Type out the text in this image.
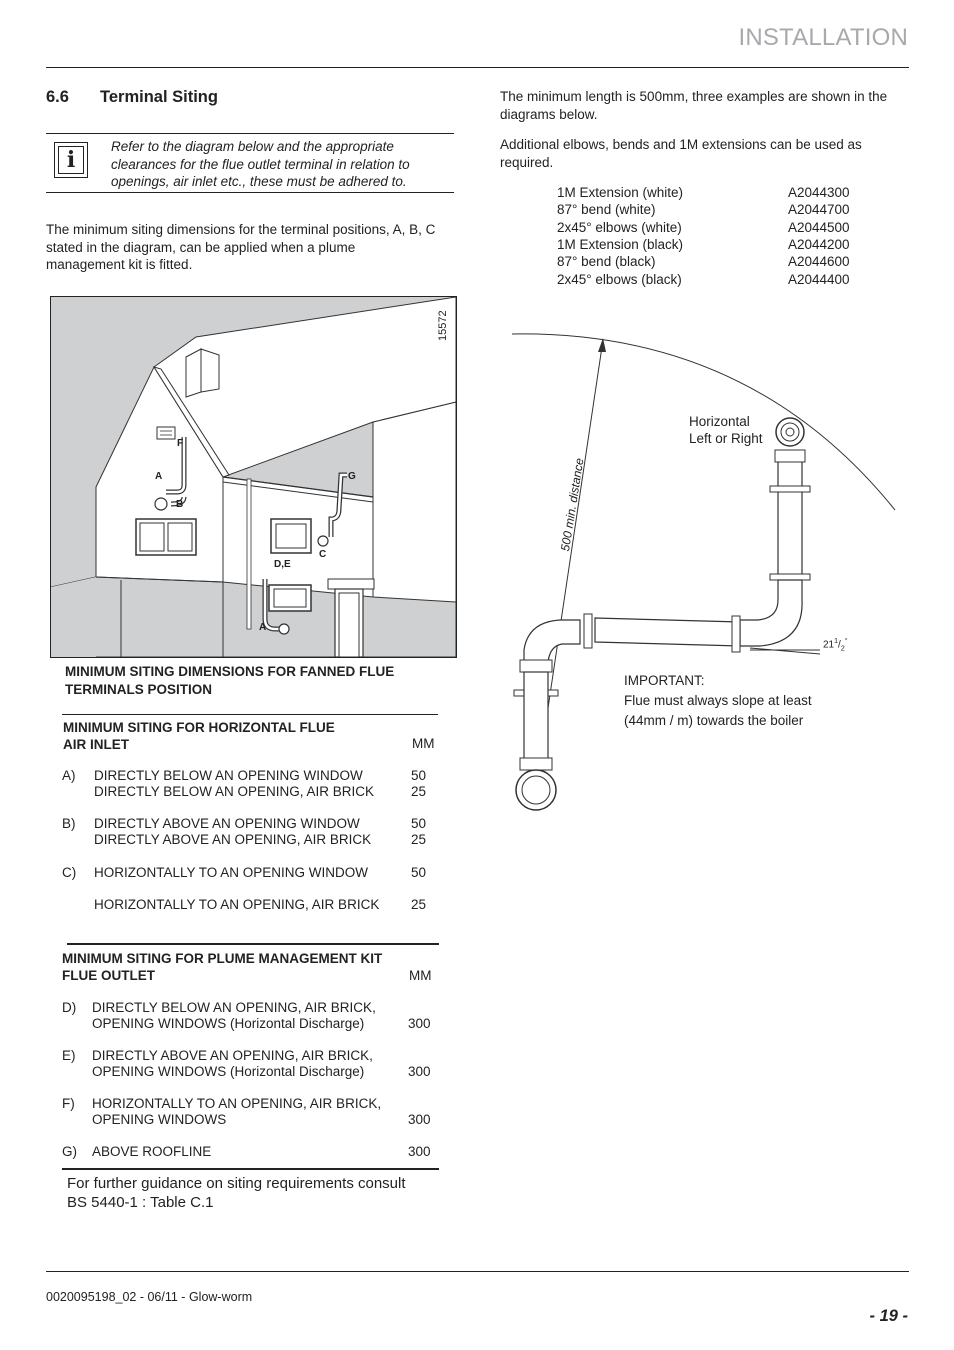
INSTALLATION
6.6 Terminal Siting
i
Refer to the diagram below and the appropriate clearances for the flue outlet terminal in relation to openings, air inlet etc., these must be adhered to.
The minimum siting dimensions for the terminal positions, A, B, C stated in the diagram, can be applied when a plume management kit is fitted.
15572
F
A
B
G
C
D,E
A
MINIMUM SITING DIMENSIONS FOR FANNED FLUE TERMINALS POSITION
MINIMUM SITING FOR HORIZONTAL FLUE
AIR INLET	MM
A) DIRECTLY BELOW AN OPENING WINDOW	50
DIRECTLY BELOW AN OPENING, AIR BRICK	25
B) DIRECTLY ABOVE AN OPENING WINDOW	50
DIRECTLY ABOVE AN OPENING, AIR BRICK	25
C) HORIZONTALLY TO AN OPENING WINDOW	50
HORIZONTALLY TO AN OPENING, AIR BRICK 25
MINIMUM SITING FOR PLUME MANAGEMENT KIT
FLUE OUTLET	MM
D) DIRECTLY BELOW AN OPENING, AIR BRICK,
OPENING WINDOWS (Horizontal Discharge)	300
E) DIRECTLY ABOVE AN OPENING, AIR BRICK,
OPENING WINDOWS (Horizontal Discharge)	300
F) HORIZONTALLY TO AN OPENING, AIR BRICK,
OPENING WINDOWS	300
G) ABOVE ROOFLINE	300
For further guidance on siting requirements consult
BS 5440-1 : Table C.1
The minimum length is 500mm, three examples are shown in the diagrams below.
Additional elbows, bends and 1M extensions can be used as required.
1M Extension (white)	A2044300
87° bend (white)	A2044700
2x45° elbows (white)	A2044500
1M Extension (black)	A2044200
87° bend (black)	A2044600
2x45° elbows (black)	A2044400
500 min. distance
Horizontal
Left or Right
$21^1/_2^\circ$
IMPORTANT:
Flue must always slope at least
(44mm / m) towards the boiler
0020095198_02 - 06/11 - Glow-worm
- 19 -
